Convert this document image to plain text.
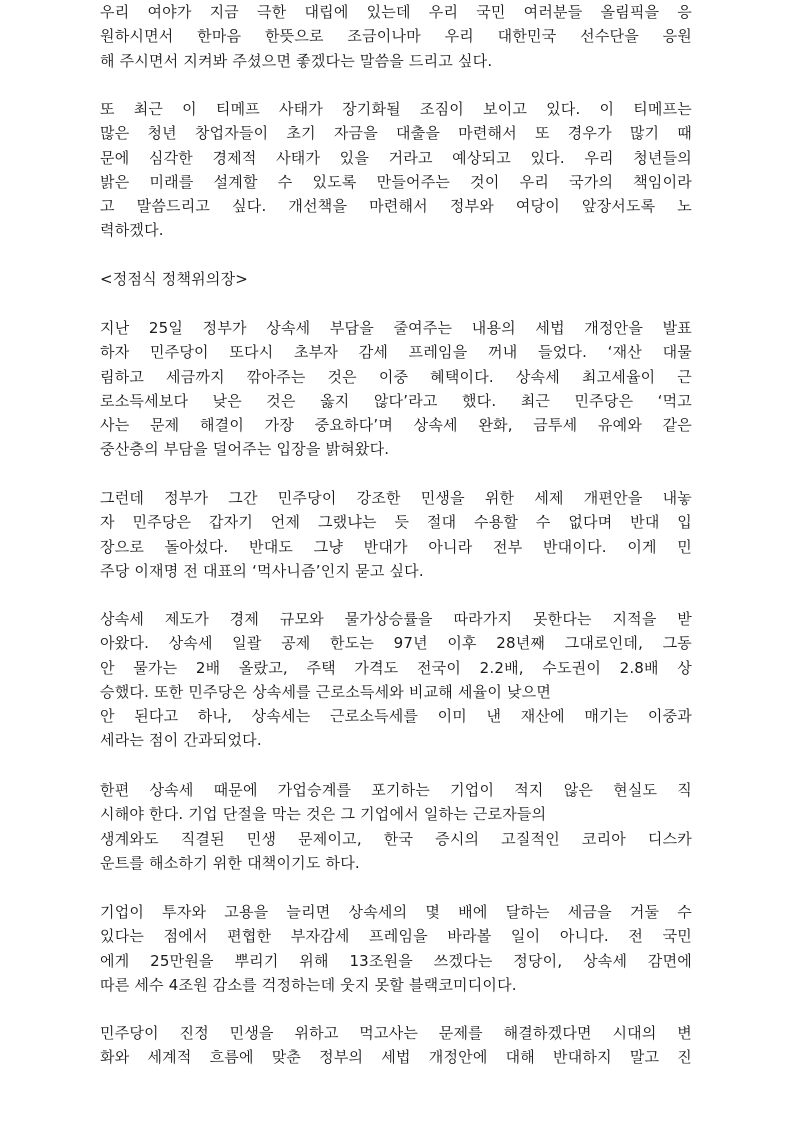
우리 여야가 지금 극한 대립에 있는데 우리 국민 여러분들 올림픽을 응
원하시면서 한마음 한뜻으로 조금이나마 우리 대한민국 선수단을 응원
해 주시면서 지켜봐 주셨으면 좋겠다는 말씀을 드리고 싶다.
또 최근 이 티메프 사태가 장기화될 조짐이 보이고 있다. 이 티메프는
많은 청년 창업자들이 초기 자금을 대출을 마련해서 또 경우가 많기 때
문에 심각한 경제적 사태가 있을 거라고 예상되고 있다. 우리 청년들의
밝은 미래를 설계할 수 있도록 만들어주는 것이 우리 국가의 책임이라
고 말씀드리고 싶다. 개선책을 마련해서 정부와 여당이 앞장서도록 노
력하겠다.
<정점식 정책위의장>
지난 25일 정부가 상속세 부담을 줄여주는 내용의 세법 개정안을 발표
하자 민주당이 또다시 초부자 감세 프레임을 꺼내 들었다. ‘재산 대물
림하고 세금까지 깎아주는 것은 이중 혜택이다. 상속세 최고세율이 근
로소득세보다 낮은 것은 옳지 않다’라고 했다. 최근 민주당은 ‘먹고
사는 문제 해결이 가장 중요하다’며 상속세 완화, 금투세 유예와 같은
중산층의 부담을 덜어주는 입장을 밝혀왔다.
그런데 정부가 그간 민주당이 강조한 민생을 위한 세제 개편안을 내놓
자 민주당은 갑자기 언제 그랬냐는 듯 절대 수용할 수 없다며 반대 입
장으로 돌아섰다. 반대도 그냥 반대가 아니라 전부 반대이다. 이게 민
주당 이재명 전 대표의 ‘먹사니즘’인지 묻고 싶다.
상속세 제도가 경제 규모와 물가상승률을 따라가지 못한다는 지적을 받
아왔다. 상속세 일괄 공제 한도는 97년 이후 28년째 그대로인데, 그동
안 물가는 2배 올랐고, 주택 가격도 전국이 2.2배, 수도권이 2.8배 상
승했다. 또한 민주당은 상속세를 근로소득세와 비교해 세율이 낮으면
안 된다고 하나, 상속세는 근로소득세를 이미 낸 재산에 매기는 이중과
세라는 점이 간과되었다.
한편 상속세 때문에 가업승계를 포기하는 기업이 적지 않은 현실도 직
시해야 한다. 기업 단절을 막는 것은 그 기업에서 일하는 근로자들의
생계와도 직결된 민생 문제이고, 한국 증시의 고질적인 코리아 디스카
운트를 해소하기 위한 대책이기도 하다.
기업이 투자와 고용을 늘리면 상속세의 몇 배에 달하는 세금을 거둘 수
있다는 점에서 편협한 부자감세 프레임을 바라볼 일이 아니다. 전 국민
에게 25만원을 뿌리기 위해 13조원을 쓰겠다는 정당이, 상속세 감면에
따른 세수 4조원 감소를 걱정하는데 웃지 못할 블랙코미디이다.
민주당이 진정 민생을 위하고 먹고사는 문제를 해결하겠다면 시대의 변
화와 세계적 흐름에 맞춘 정부의 세법 개정안에 대해 반대하지 말고 진
